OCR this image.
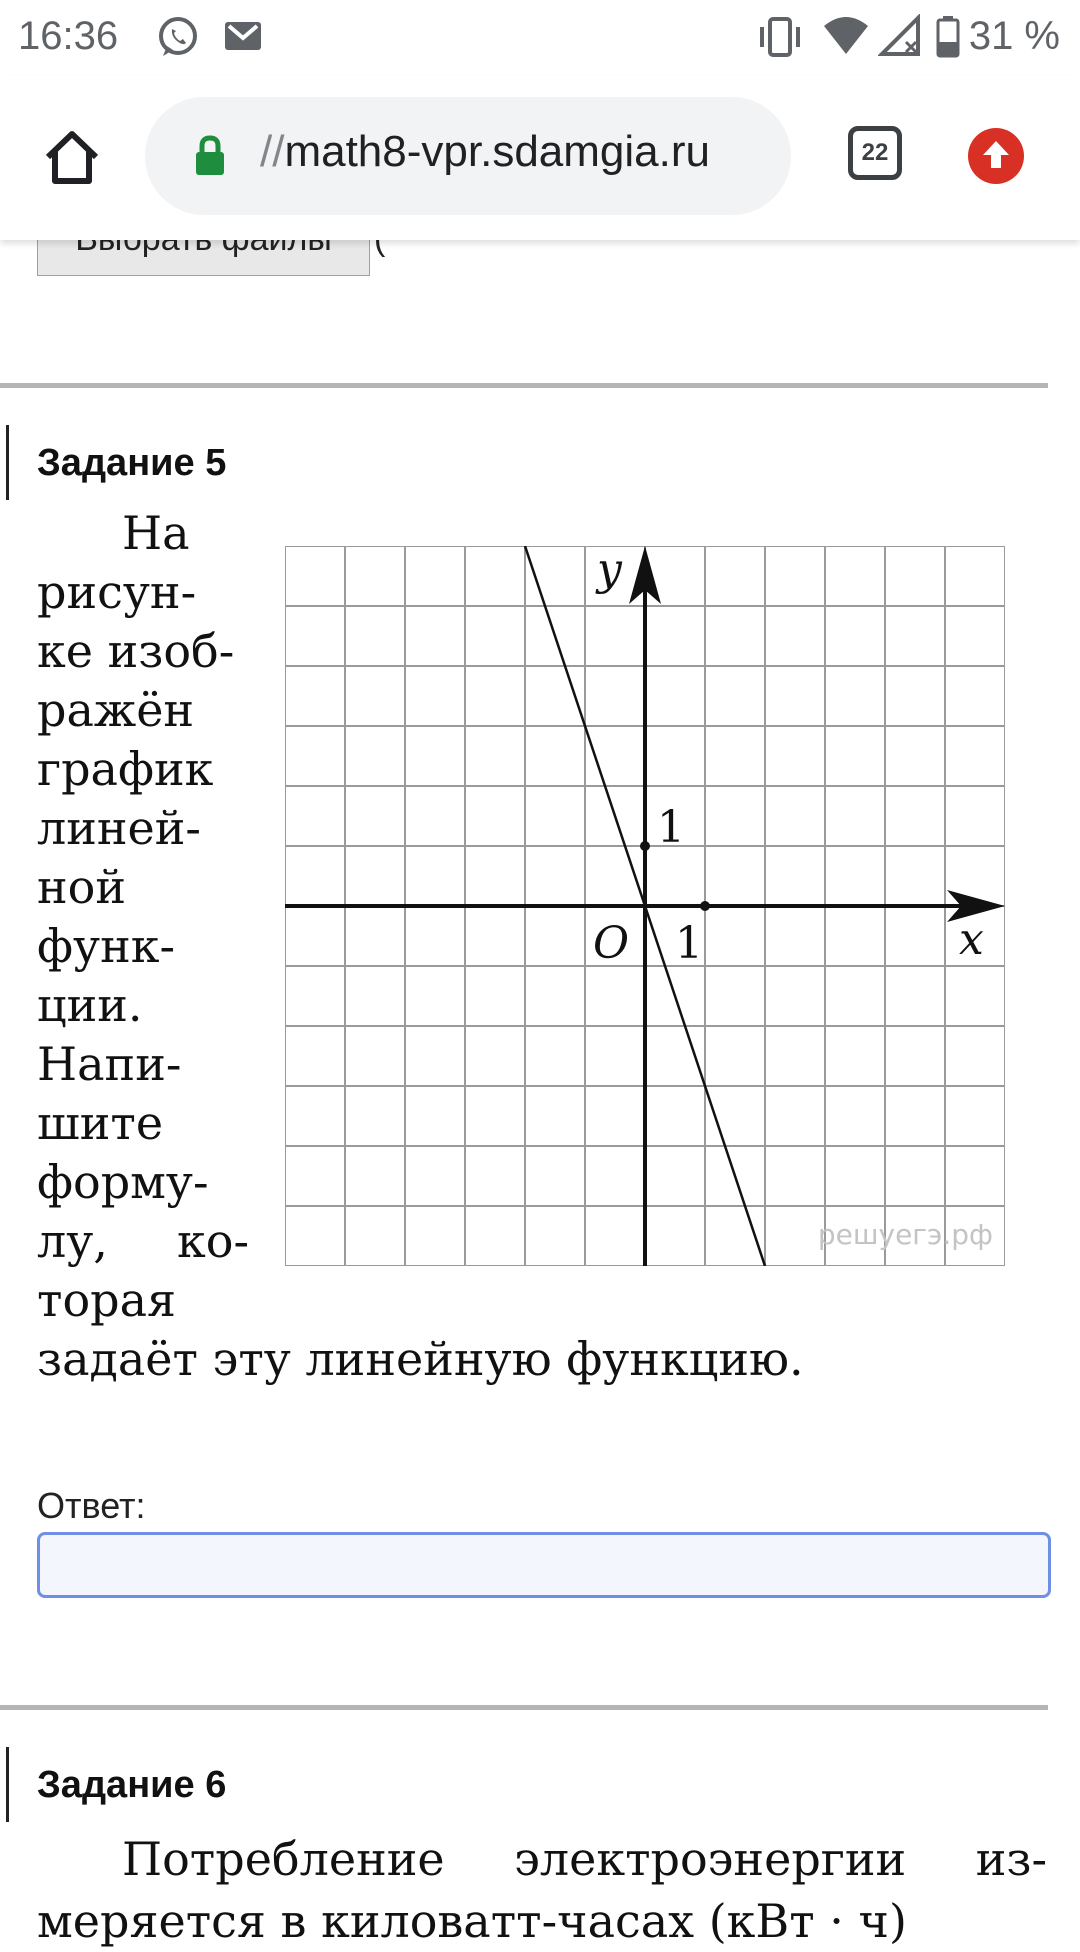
16:36	31 %
//math8-vpr.sdamgia.ru	22
Задание 5
На
рисун-
ке изоб-
ражён
график
линей-
ной
функ-
ции.
Напи-
шите
форму-
лу, ко-
торая
задаёт эту линейную функцию.
y
x
O 1
1
решуегэ.рф
Ответ:
Задание 6
Потребление электроэнергии из-
меряется в киловатт-часах (кВт · ч)
